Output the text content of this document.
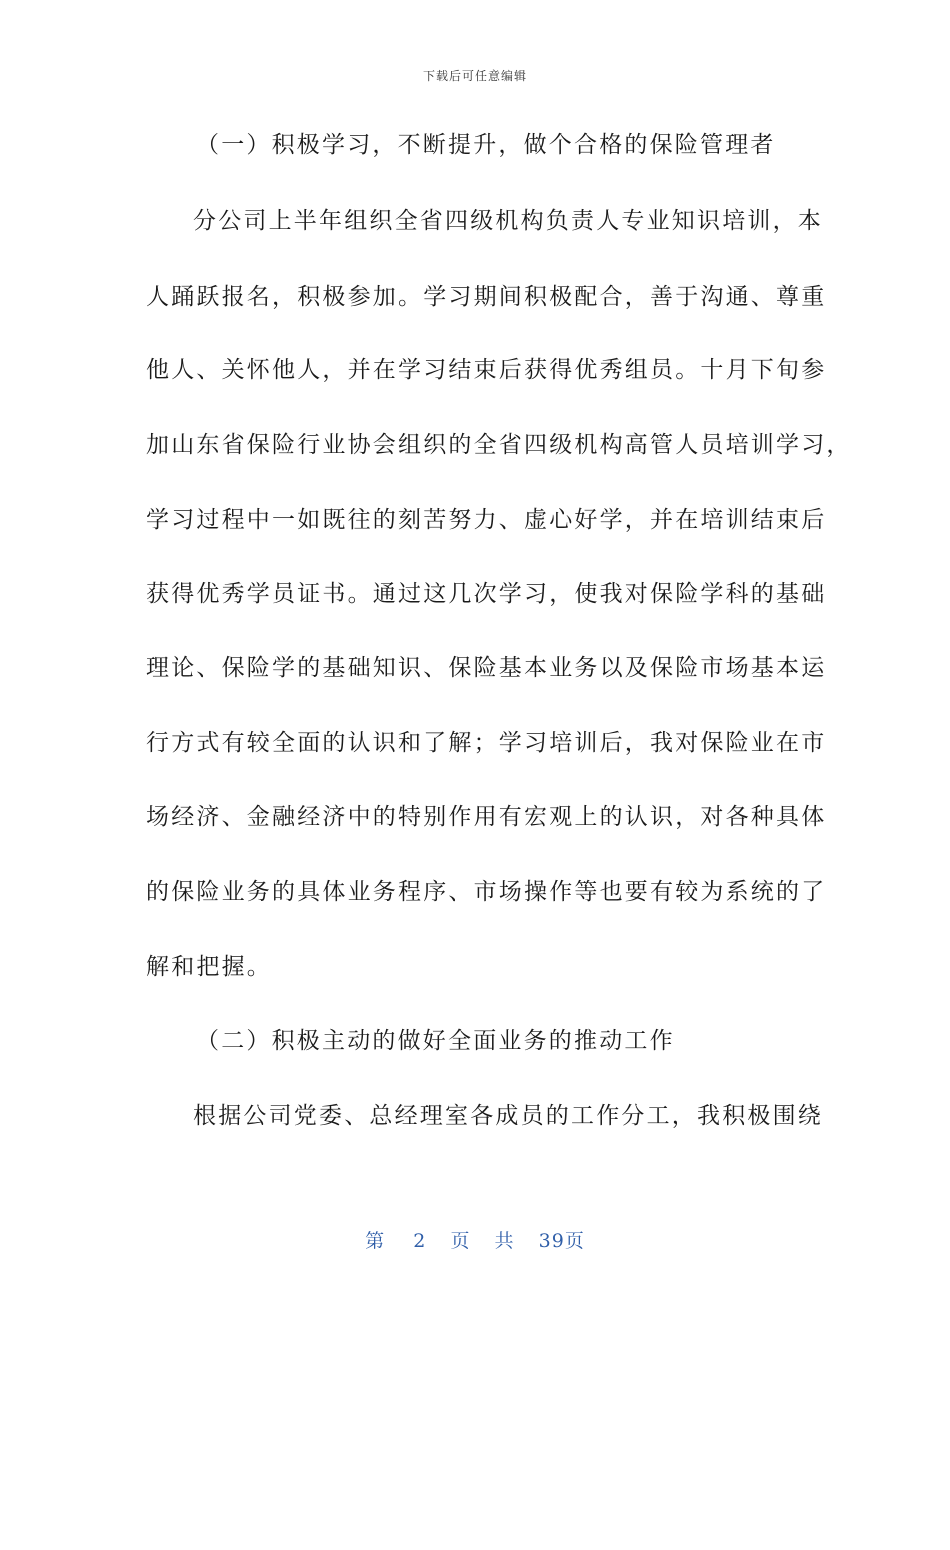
下载后可任意编辑
（一）积极学习，不断提升，做个合格的保险管理者
分公司上半年组织全省四级机构负责人专业知识培训，本
人踊跃报名，积极参加。学习期间积极配合，善于沟通、尊重
他人、关怀他人，并在学习结束后获得优秀组员。十月下旬参
加山东省保险行业协会组织的全省四级机构高管人员培训学习，
学习过程中一如既往的刻苦努力、虚心好学，并在培训结束后
获得优秀学员证书。通过这几次学习，使我对保险学科的基础
理论、保险学的基础知识、保险基本业务以及保险市场基本运
行方式有较全面的认识和了解；学习培训后，我对保险业在市
场经济、金融经济中的特别作用有宏观上的认识，对各种具体
的保险业务的具体业务程序、市场操作等也要有较为系统的了
解和把握。
（二）积极主动的做好全面业务的推动工作
根据公司党委、总经理室各成员的工作分工，我积极围绕
第 2 页 共 39页
